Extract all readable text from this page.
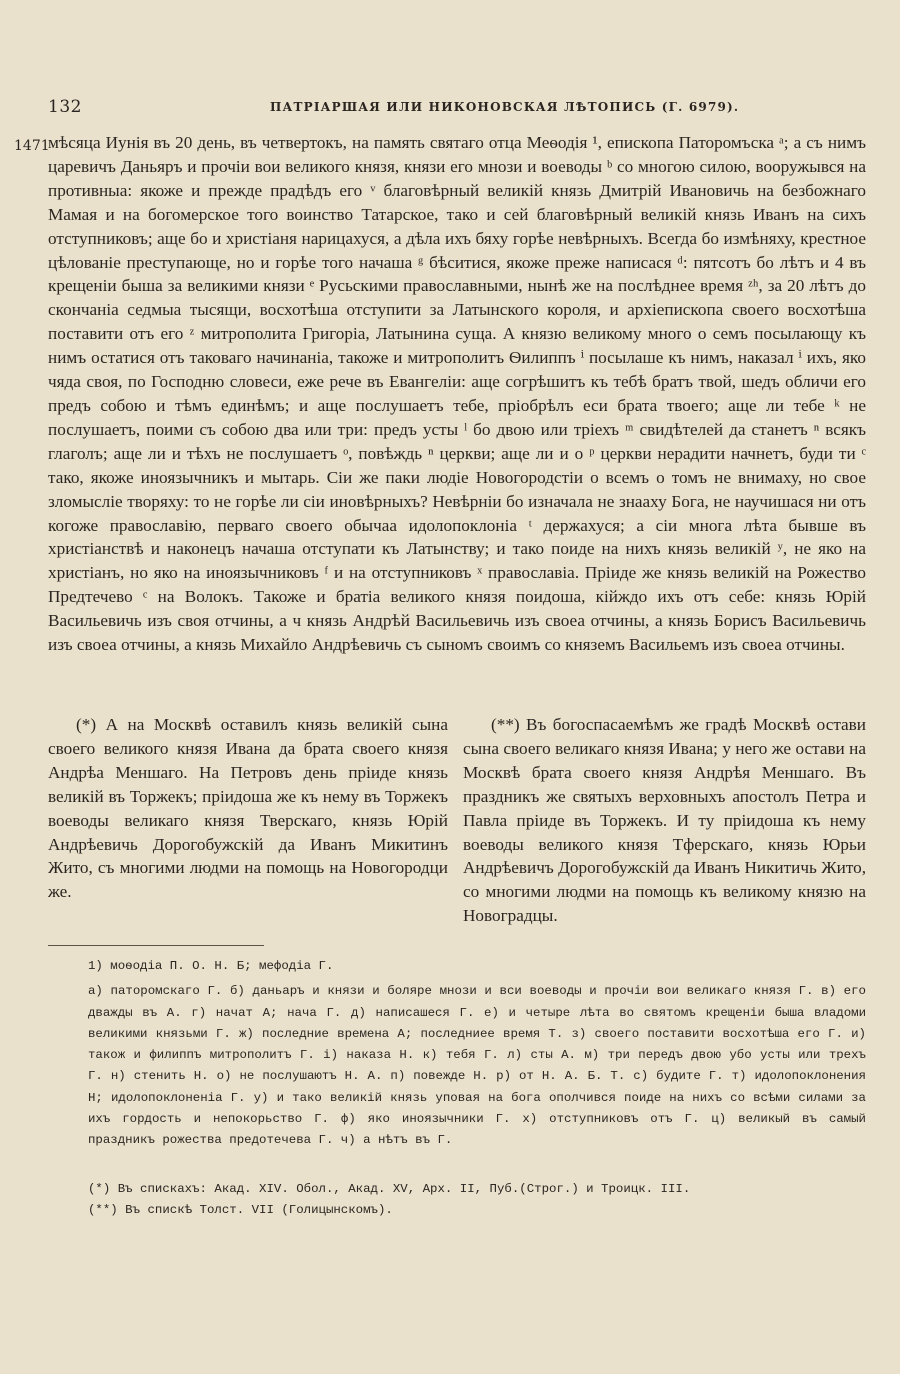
132	ПАТРІАРШАЯ ИЛИ НИКОНОВСКАЯ ЛѢТОПИСЬ (Г. 6979).
1471
мѣсяца Иунія въ 20 день, въ четвертокъ, на память святаго отца Меѳодія ¹, епископа Паторомъска ᵃ; а съ нимъ царевичъ Даньяръ и прочіи вои великого князя, князи его мнози и воеводы ᵇ со многою силою, вооружывся на противныа: якоже и прежде прадѣдъ его ᵛ благовѣрный великій князь Дмитрій Ивановичь на безбожнаго Мамая и на богомерское того воинство Татарское, тако и сей благовѣрный великій князь Иванъ на сихъ отступниковъ; аще бо и христіаня нарицахуся, а дѣла ихъ бяху горѣе невѣрныхъ. Всегда бо измѣняху, крестное цѣлованіе преступающе, но и горѣе того начаша ᵍ бѣситися, якоже преже написася ᵈ: пятсотъ бо лѣтъ и 4 въ крещеніи быша за великими князи ᵉ Русьскими православными, нынѣ же на послѣднее время ᶻʰ, за 20 лѣтъ до скончаніа седмыа тысящи, восхотѣша отступити за Латынского короля, и архіепископа своего восхотѣша поставити отъ его ᶻ митрополита Григоріа, Латынина суща. А князю великому много о семъ посылающу къ нимъ остатися отъ таковаго начинаніа, такоже и митрополитъ Ѳилиппъ ⁱ посылаше къ нимъ, наказал ⁱ ихъ, яко чяда своя, по Господню словеси, еже рече въ Евангеліи: аще согрѣшитъ къ тебѣ братъ твой, шедъ обличи его предъ собою и тѣмъ единѣмъ; и аще послушаетъ тебе, пріобрѣлъ еси брата твоего; аще ли тебе ᵏ не послушаетъ, поими съ собою два или три: предъ усты ˡ бо двою или тріехъ ᵐ свидѣтелей да станетъ ⁿ всякъ глаголъ; аще ли и тѣхъ не послушаетъ ᵒ, повѣждь ⁿ церкви; аще ли и о ᵖ церкви нерадити начнетъ, буди ти ᶜ тако, якоже иноязычникъ и мытарь. Сіи же паки людіе Новогородстіи о всемъ о томъ не внимаху, но свое зломысліе творяху: то не горѣе ли сіи иновѣрныхъ? Невѣрніи бо изначала не знааху Бога, не научишася ни отъ когоже православію, перваго своего обычаа идолопоклоніа ᵗ держахуся; а сіи многа лѣта бывше въ христіанствѣ и наконецъ начаша отступати къ Латынству; и тако поиде на нихъ князь великій ʸ, не яко на христіанъ, но яко на иноязычниковъ ᶠ и на отступниковъ ˣ православіа. Пріиде же князь великій на Рожество Предтечево ᶜ на Волокъ. Такоже и братіа великого князя поидоша, кійждо ихъ отъ себе: князь Юрій Васильевичь изъ своя отчины, а ч князь Андрѣй Васильевичь изъ своеа отчины, а князь Борисъ Васильевичь изъ своеа отчины, а князь Михайло Андрѣевичь съ сыномъ своимъ со княземъ Васильемъ изъ своеа отчины.

(*) А на Москвѣ оставилъ князь великій сына своего великого князя Ивана да брата своего князя Андрѣа Меншаго. На Петровъ день пріиде князь великій въ Торжекъ; пріидоша же къ нему въ Торжекъ воеводы великаго князя Тверскаго, князь Юрій Андрѣевичь Дорогобужскій да Иванъ Микитинъ Жито, съ многими людми на помощь на Новогородци же.

(**) Въ богоспасаемѣмъ же градѣ Москвѣ остави сына своего великаго князя Ивана; у него же остави на Москвѣ брата своего князя Андрѣя Меншаго. Въ праздникъ же святыхъ верховныхъ апостолъ Петра и Павла пріиде въ Торжекъ. И ту пріидоша къ нему воеводы великого князя Тферскаго, князь Юрьи Андрѣевичъ Дорогобужскій да Иванъ Никитичь Жито, со многими людми на помощь къ великому князю на Новоградцы.

1) моѳодіа П. О. Н. Б; мефодіа Г.

а) паторомскаго Г. б) даньаръ и князи и боляре мнози и вси воеводы и прочіи вои великаго князя Г. в) его дважды въ А. г) начат А; нача Г. д) написашеся Г. е) и четыре лѣта во святомъ крещеніи быша владоми великими князьми Г. ж) последние времена А; последниее время Т. з) своего поставити восхотѣша его Г. и) також и филиппъ митрополитъ Г. і) наказа Н. к) тебя Г. л) сты А. м) три передъ двою убо усты или трехъ Г. н) стенить Н. о) не послушаютъ Н. А. п) повежде Н. р) от Н. А. Б. Т. с) будите Г. т) идолопоклонения Н; идолопоклоненіа Г. у) и тако великій князь уповая на бога ополчився поиде на нихъ со всѣми силами за ихъ гордость и непокорьство Г. ф) яко иноязычники Г. х) отступниковъ отъ Г. ц) великый въ самый праздникъ рожества предотечева Г. ч) а нѣтъ въ Г.

(*) Въ спискахъ: Акад. XIV. Обол., Акад. XV, Арх. II, Пуб.(Строг.) и Троицк. III.
(**) Въ спискѣ Толст. VII (Голицынскомъ).
